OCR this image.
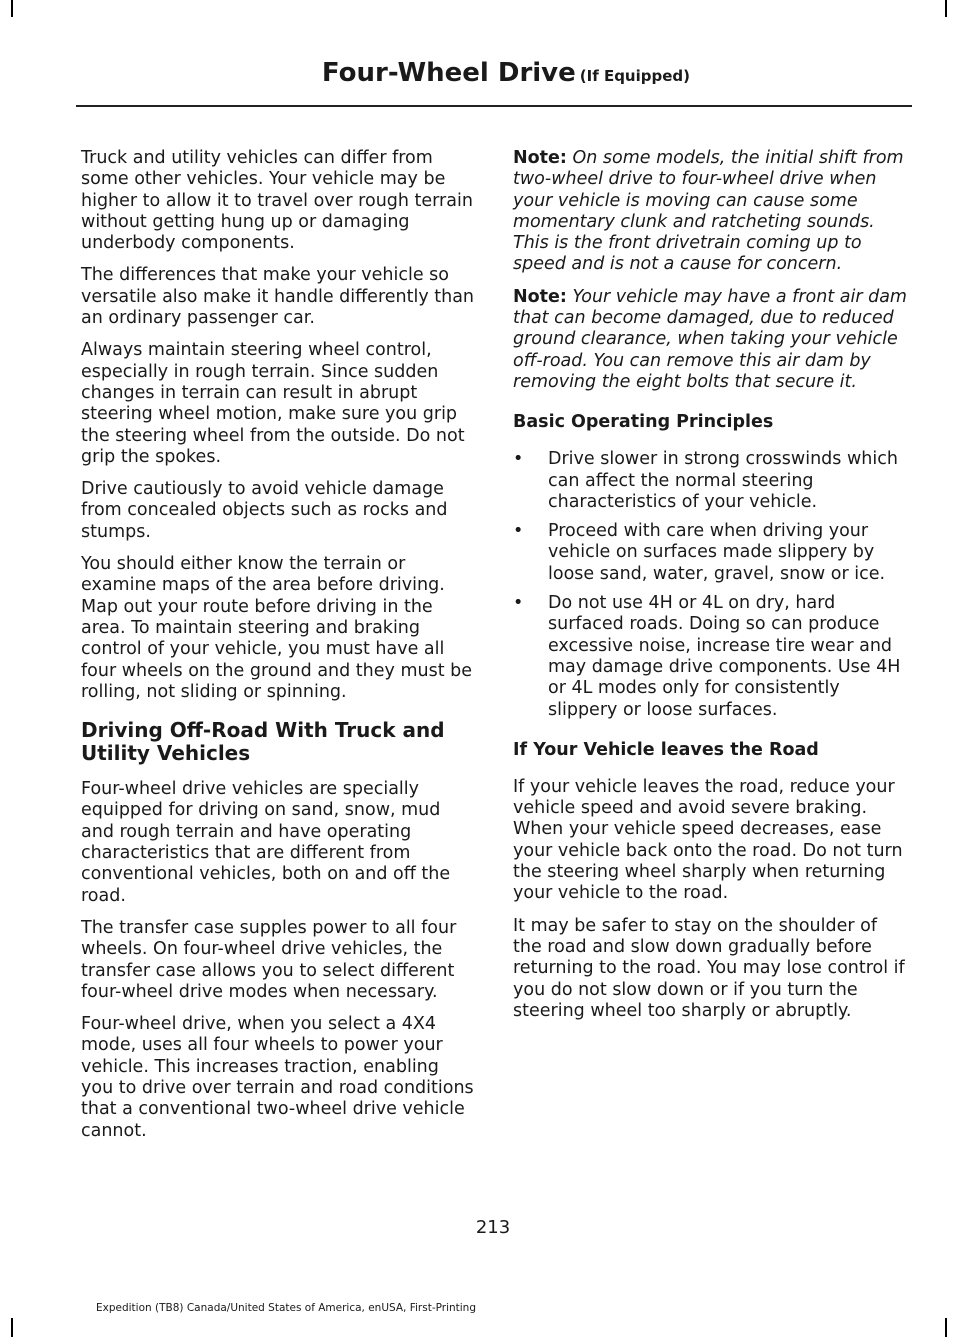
Four-Wheel Drive (If Equipped)

Truck and utility vehicles can differ from some other vehicles. Your vehicle may be higher to allow it to travel over rough terrain without getting hung up or damaging underbody components.

The differences that make your vehicle so versatile also make it handle differently than an ordinary passenger car.

Always maintain steering wheel control, especially in rough terrain. Since sudden changes in terrain can result in abrupt steering wheel motion, make sure you grip the steering wheel from the outside. Do not grip the spokes.

Drive cautiously to avoid vehicle damage from concealed objects such as rocks and stumps.

You should either know the terrain or examine maps of the area before driving. Map out your route before driving in the area. To maintain steering and braking control of your vehicle, you must have all four wheels on the ground and they must be rolling, not sliding or spinning.

Driving Off-Road With Truck and Utility Vehicles

Four-wheel drive vehicles are specially equipped for driving on sand, snow, mud and rough terrain and have operating characteristics that are different from conventional vehicles, both on and off the road.

The transfer case supples power to all four wheels. On four-wheel drive vehicles, the transfer case allows you to select different four-wheel drive modes when necessary.

Four-wheel drive, when you select a 4X4 mode, uses all four wheels to power your vehicle. This increases traction, enabling you to drive over terrain and road conditions that a conventional two-wheel drive vehicle cannot.

Note: On some models, the initial shift from two-wheel drive to four-wheel drive when your vehicle is moving can cause some momentary clunk and ratcheting sounds. This is the front drivetrain coming up to speed and is not a cause for concern.

Note: Your vehicle may have a front air dam that can become damaged, due to reduced ground clearance, when taking your vehicle off-road. You can remove this air dam by removing the eight bolts that secure it.

Basic Operating Principles
• Drive slower in strong crosswinds which can affect the normal steering characteristics of your vehicle.
• Proceed with care when driving your vehicle on surfaces made slippery by loose sand, water, gravel, snow or ice.
• Do not use 4H or 4L on dry, hard surfaced roads. Doing so can produce excessive noise, increase tire wear and may damage drive components. Use 4H or 4L modes only for consistently slippery or loose surfaces.
If Your Vehicle leaves the Road

If your vehicle leaves the road, reduce your vehicle speed and avoid severe braking. When your vehicle speed decreases, ease your vehicle back onto the road. Do not turn the steering wheel sharply when returning your vehicle to the road.

It may be safer to stay on the shoulder of the road and slow down gradually before returning to the road. You may lose control if you do not slow down or if you turn the steering wheel too sharply or abruptly.

213
Expedition (TB8) Canada/United States of America, enUSA, First-Printing
